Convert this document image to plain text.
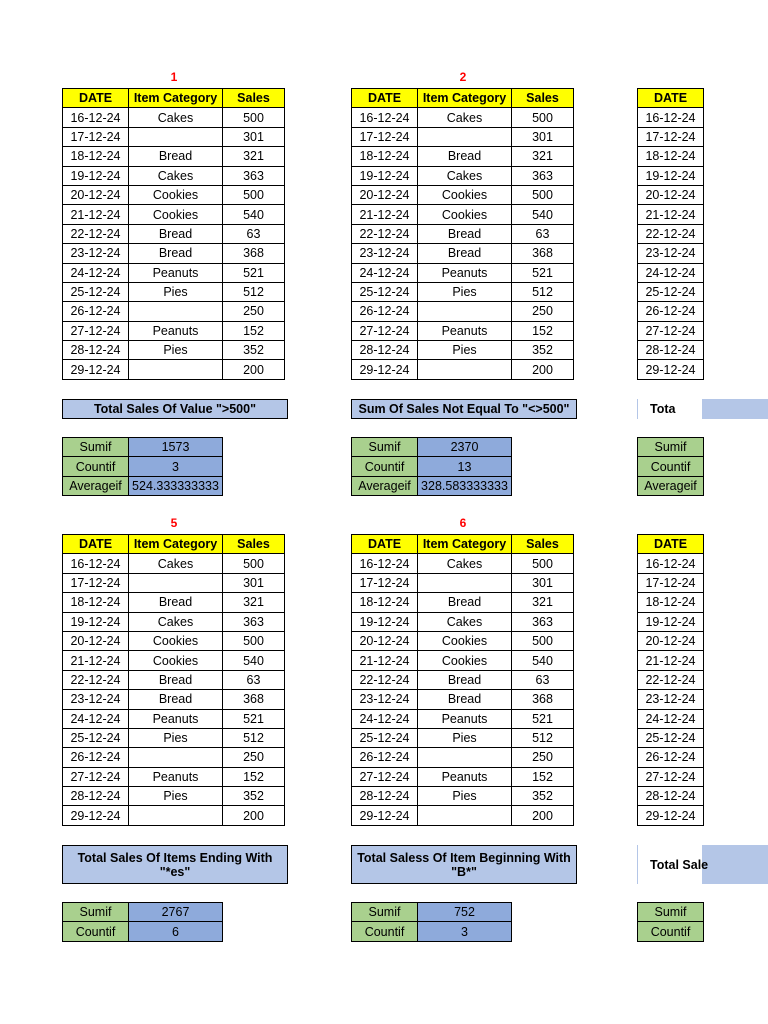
1
DATE	Item Category	Sales
16-12-24	Cakes	500
17-12-24		301
18-12-24	Bread	321
19-12-24	Cakes	363
20-12-24	Cookies	500
21-12-24	Cookies	540
22-12-24	Bread	63
23-12-24	Bread	368
24-12-24	Peanuts	521
25-12-24	Pies	512
26-12-24		250
27-12-24	Peanuts	152
28-12-24	Pies	352
29-12-24		200
Total Sales Of Value ">500"
Sumif	1573
Countif	3
Averageif	524.333333333
2
DATE	Item Category	Sales
16-12-24	Cakes	500
17-12-24		301
18-12-24	Bread	321
19-12-24	Cakes	363
20-12-24	Cookies	500
21-12-24	Cookies	540
22-12-24	Bread	63
23-12-24	Bread	368
24-12-24	Peanuts	521
25-12-24	Pies	512
26-12-24		250
27-12-24	Peanuts	152
28-12-24	Pies	352
29-12-24		200
Sum Of Sales Not Equal To "<>500"
Sumif	2370
Countif	13
Averageif	328.583333333
DATE
16-12-24
17-12-24
18-12-24
19-12-24
20-12-24
21-12-24
22-12-24
23-12-24
24-12-24
25-12-24
26-12-24
27-12-24
28-12-24
29-12-24
Tota
Sumif
Countif
Averageif
5
DATE	Item Category	Sales
16-12-24	Cakes	500
17-12-24		301
18-12-24	Bread	321
19-12-24	Cakes	363
20-12-24	Cookies	500
21-12-24	Cookies	540
22-12-24	Bread	63
23-12-24	Bread	368
24-12-24	Peanuts	521
25-12-24	Pies	512
26-12-24		250
27-12-24	Peanuts	152
28-12-24	Pies	352
29-12-24		200
Total Sales Of Items Ending With "*es"
Sumif	2767
Countif	6
6
DATE	Item Category	Sales
16-12-24	Cakes	500
17-12-24		301
18-12-24	Bread	321
19-12-24	Cakes	363
20-12-24	Cookies	500
21-12-24	Cookies	540
22-12-24	Bread	63
23-12-24	Bread	368
24-12-24	Peanuts	521
25-12-24	Pies	512
26-12-24		250
27-12-24	Peanuts	152
28-12-24	Pies	352
29-12-24		200
Total Saless Of Item Beginning With "B*"
Sumif	752
Countif	3
DATE
16-12-24
17-12-24
18-12-24
19-12-24
20-12-24
21-12-24
22-12-24
23-12-24
24-12-24
25-12-24
26-12-24
27-12-24
28-12-24
29-12-24
Total Sale
Sumif
Countif
